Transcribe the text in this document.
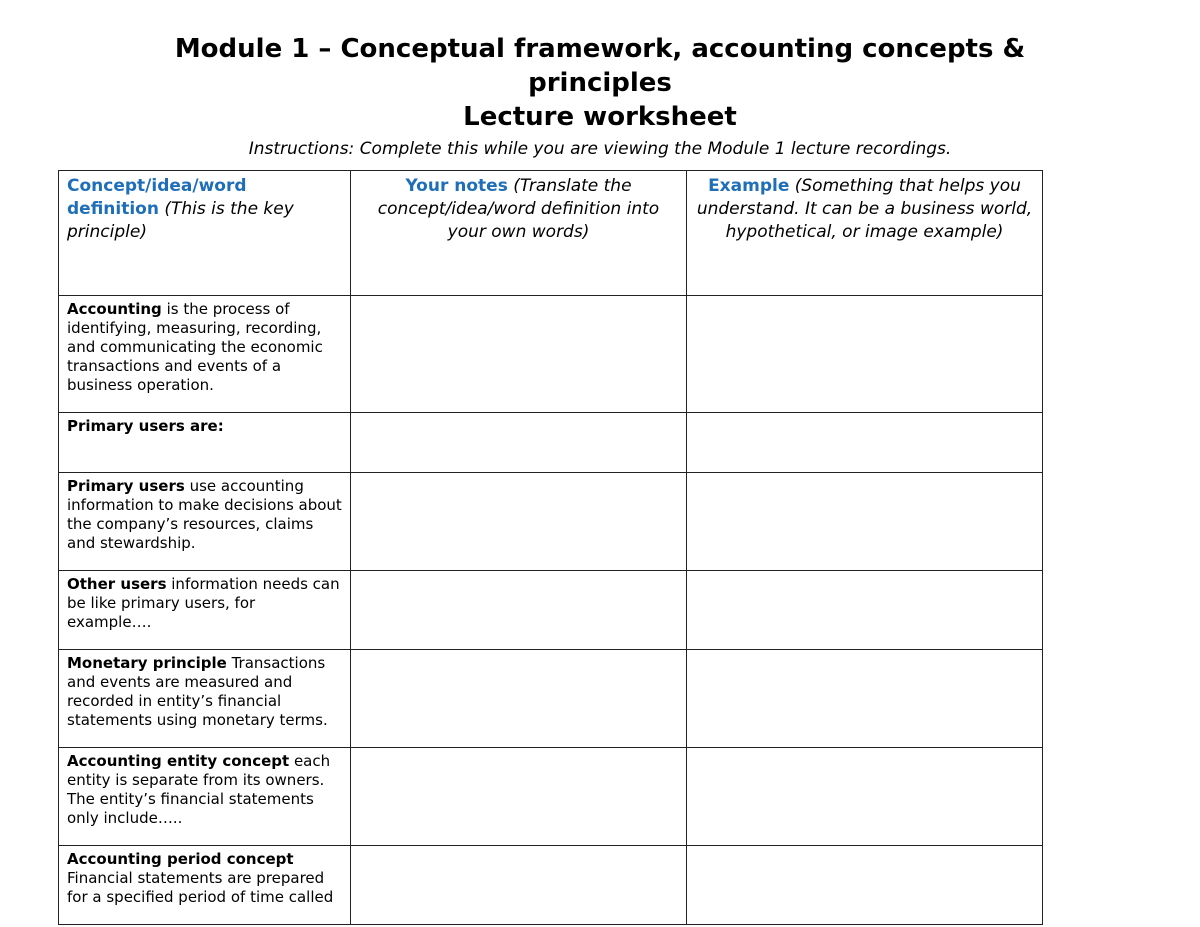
Module 1 – Conceptual framework, accounting concepts &
principles
Lecture worksheet
Instructions: Complete this while you are viewing the Module 1 lecture recordings.
Concept/idea/word definition (This is the key principle)	Your notes (Translate the concept/idea/word definition into your own words)	Example (Something that helps you understand. It can be a business world, hypothetical, or image example)
Accounting is the process of identifying, measuring, recording, and communicating the economic transactions and events of a business operation.		
Primary users are:		
Primary users use accounting information to make decisions about the company’s resources, claims and stewardship.		
Other users information needs can be like primary users, for example….		
Monetary principle Transactions and events are measured and recorded in entity’s financial statements using monetary terms.		
Accounting entity concept each entity is separate from its owners. The entity’s financial statements only include…..		
Accounting period concept Financial statements are prepared for a specified period of time called		
